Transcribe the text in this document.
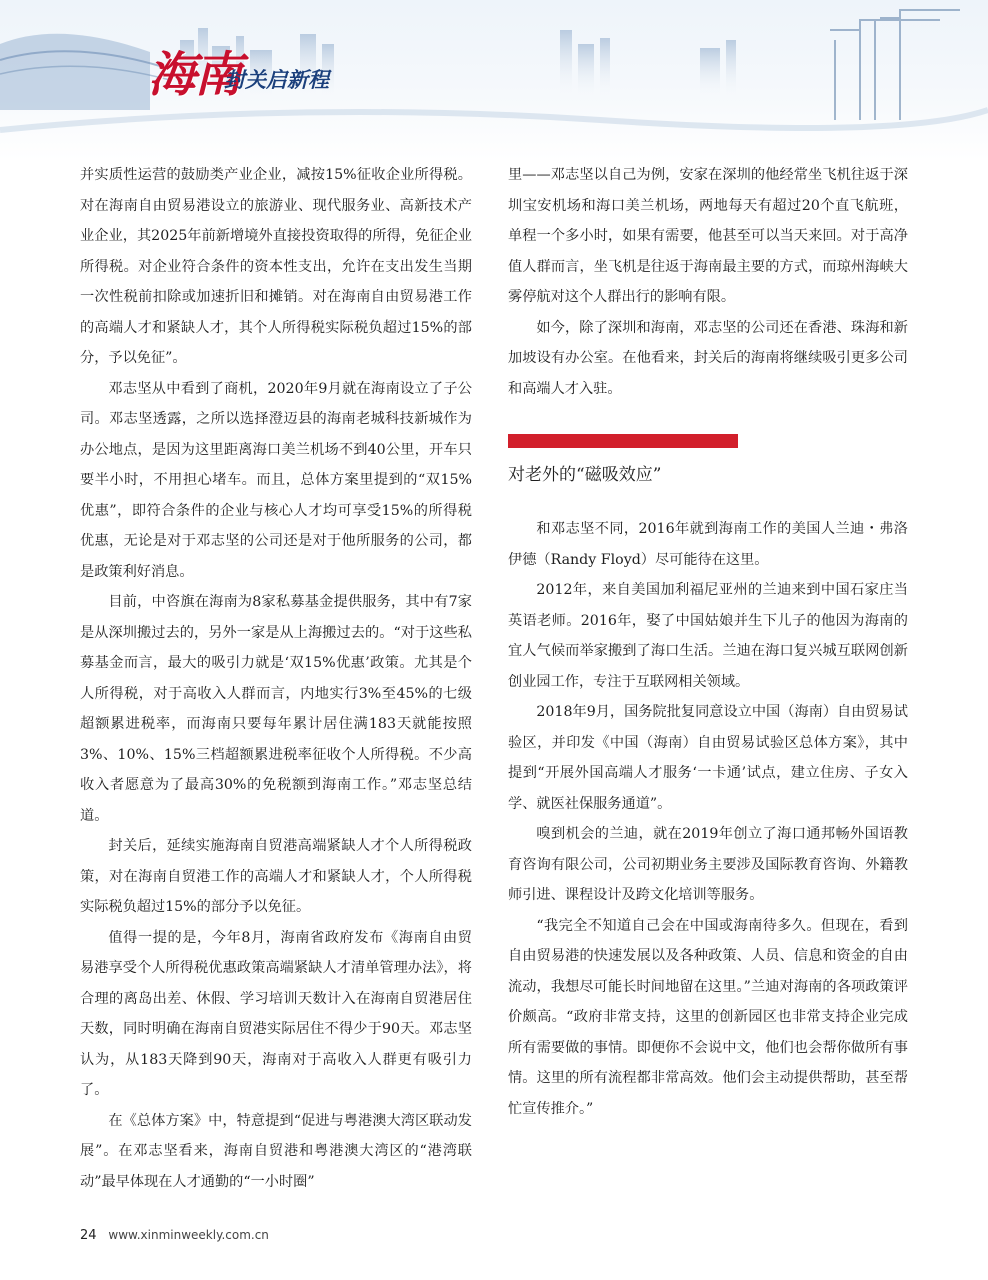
海南
封关启新程

并实质性运营的鼓励类产业企业，减按15%征收企业所得税。对在海南自由贸易港设立的旅游业、现代服务业、高新技术产业企业，其2025年前新增境外直接投资取得的所得，免征企业所得税。对企业符合条件的资本性支出，允许在支出发生当期一次性税前扣除或加速折旧和摊销。对在海南自由贸易港工作的高端人才和紧缺人才，其个人所得税实际税负超过15%的部分，予以免征”。

邓志坚从中看到了商机，2020年9月就在海南设立了子公司。邓志坚透露，之所以选择澄迈县的海南老城科技新城作为办公地点，是因为这里距离海口美兰机场不到40公里，开车只要半小时，不用担心堵车。而且，总体方案里提到的“双15%优惠”，即符合条件的企业与核心人才均可享受15%的所得税优惠，无论是对于邓志坚的公司还是对于他所服务的公司，都是政策利好消息。

目前，中咨旗在海南为8家私募基金提供服务，其中有7家是从深圳搬过去的，另外一家是从上海搬过去的。“对于这些私募基金而言，最大的吸引力就是‘双15%优惠’政策。尤其是个人所得税，对于高收入人群而言，内地实行3%至45%的七级超额累进税率，而海南只要每年累计居住满183天就能按照3%、10%、15%三档超额累进税率征收个人所得税。不少高收入者愿意为了最高30%的免税额到海南工作。”邓志坚总结道。

封关后，延续实施海南自贸港高端紧缺人才个人所得税政策，对在海南自贸港工作的高端人才和紧缺人才，个人所得税实际税负超过15%的部分予以免征。

值得一提的是，今年8月，海南省政府发布《海南自由贸易港享受个人所得税优惠政策高端紧缺人才清单管理办法》，将合理的离岛出差、休假、学习培训天数计入在海南自贸港居住天数，同时明确在海南自贸港实际居住不得少于90天。邓志坚认为，从183天降到90天，海南对于高收入人群更有吸引力了。

在《总体方案》中，特意提到“促进与粤港澳大湾区联动发展”。在邓志坚看来，海南自贸港和粤港澳大湾区的“港湾联动”最早体现在人才通勤的“一小时圈”

里——邓志坚以自己为例，安家在深圳的他经常坐飞机往返于深圳宝安机场和海口美兰机场，两地每天有超过20个直飞航班，单程一个多小时，如果有需要，他甚至可以当天来回。对于高净值人群而言，坐飞机是往返于海南最主要的方式，而琼州海峡大雾停航对这个人群出行的影响有限。

如今，除了深圳和海南，邓志坚的公司还在香港、珠海和新加坡设有办公室。在他看来，封关后的海南将继续吸引更多公司和高端人才入驻。

对老外的“磁吸效应”

和邓志坚不同，2016年就到海南工作的美国人兰迪・弗洛伊德（Randy Floyd）尽可能待在这里。

2012年，来自美国加利福尼亚州的兰迪来到中国石家庄当英语老师。2016年，娶了中国姑娘并生下儿子的他因为海南的宜人气候而举家搬到了海口生活。兰迪在海口复兴城互联网创新创业园工作，专注于互联网相关领域。

2018年9月，国务院批复同意设立中国（海南）自由贸易试验区，并印发《中国（海南）自由贸易试验区总体方案》，其中提到“开展外国高端人才服务‘一卡通’试点，建立住房、子女入学、就医社保服务通道”。

嗅到机会的兰迪，就在2019年创立了海口通邦畅外国语教育咨询有限公司，公司初期业务主要涉及国际教育咨询、外籍教师引进、课程设计及跨文化培训等服务。

“我完全不知道自己会在中国或海南待多久。但现在，看到自由贸易港的快速发展以及各种政策、人员、信息和资金的自由流动，我想尽可能长时间地留在这里。”兰迪对海南的各项政策评价颇高。“政府非常支持，这里的创新园区也非常支持企业完成所有需要做的事情。即便你不会说中文，他们也会帮你做所有事情。这里的所有流程都非常高效。他们会主动提供帮助，甚至帮忙宣传推介。”

24 www.xinminweekly.com.cn
